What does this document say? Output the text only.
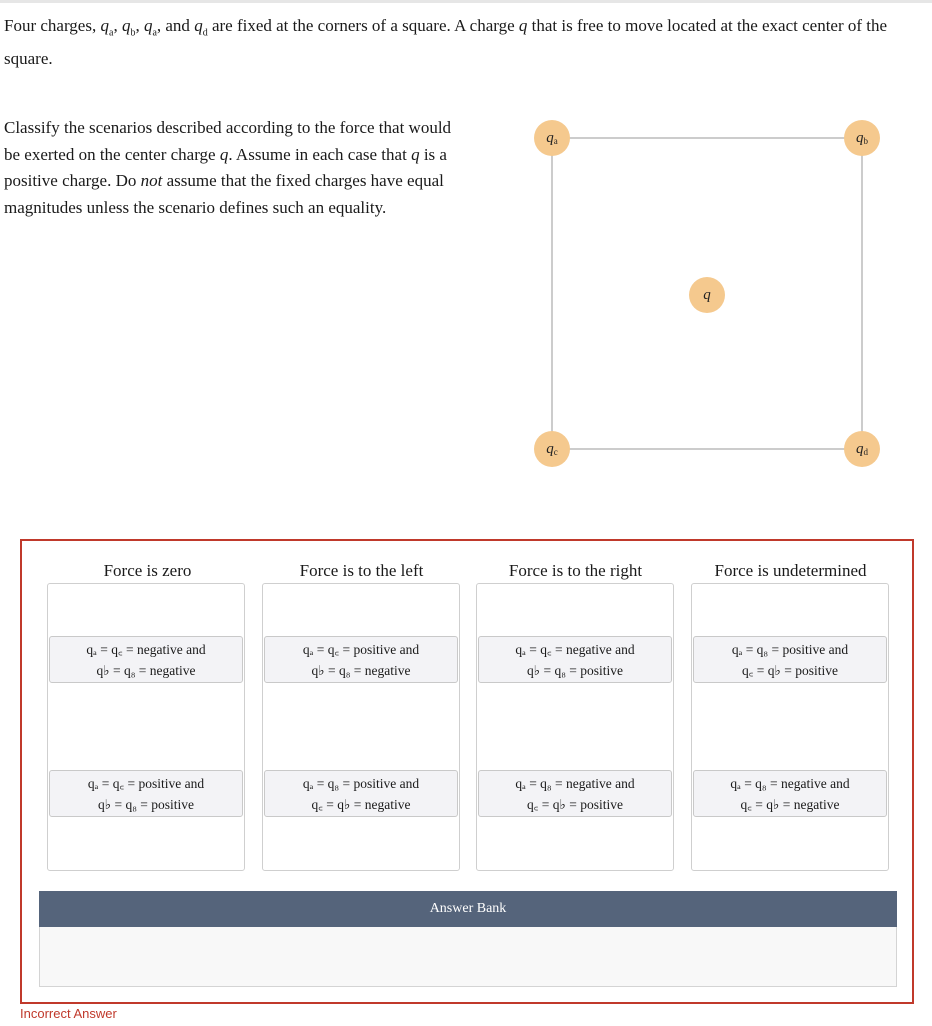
Four charges, $q_a$, $q_b$, $q_a$, and $q_d$ are fixed at the corners of a square. A charge q that is free to move located at the exact center of the square.
Classify the scenarios described according to the force that would be exerted on the center charge q. Assume in each case that q is a positive charge. Do not assume that the fixed charges have equal magnitudes unless the scenario defines such an equality.
$q_a$	$q_b$
$q_c$	$q_d$
q
Force is zero	Force is to the left	Force is to the right	Force is undetermined
qₐ = q꜀ = negative and
q♭ = q₈ = negative
qₐ = q꜀ = positive and
q♭ = q₈ = positive
qₐ = q꜀ = positive and
q♭ = q₈ = negative
qₐ = q₈ = positive and
q꜀ = q♭ = negative
qₐ = q꜀ = negative and
q♭ = q₈ = positive
qₐ = q₈ = negative and
q꜀ = q♭ = positive
qₐ = q₈ = positive and
q꜀ = q♭ = positive
qₐ = q₈ = negative and
q꜀ = q♭ = negative
Answer Bank
Incorrect Answer
